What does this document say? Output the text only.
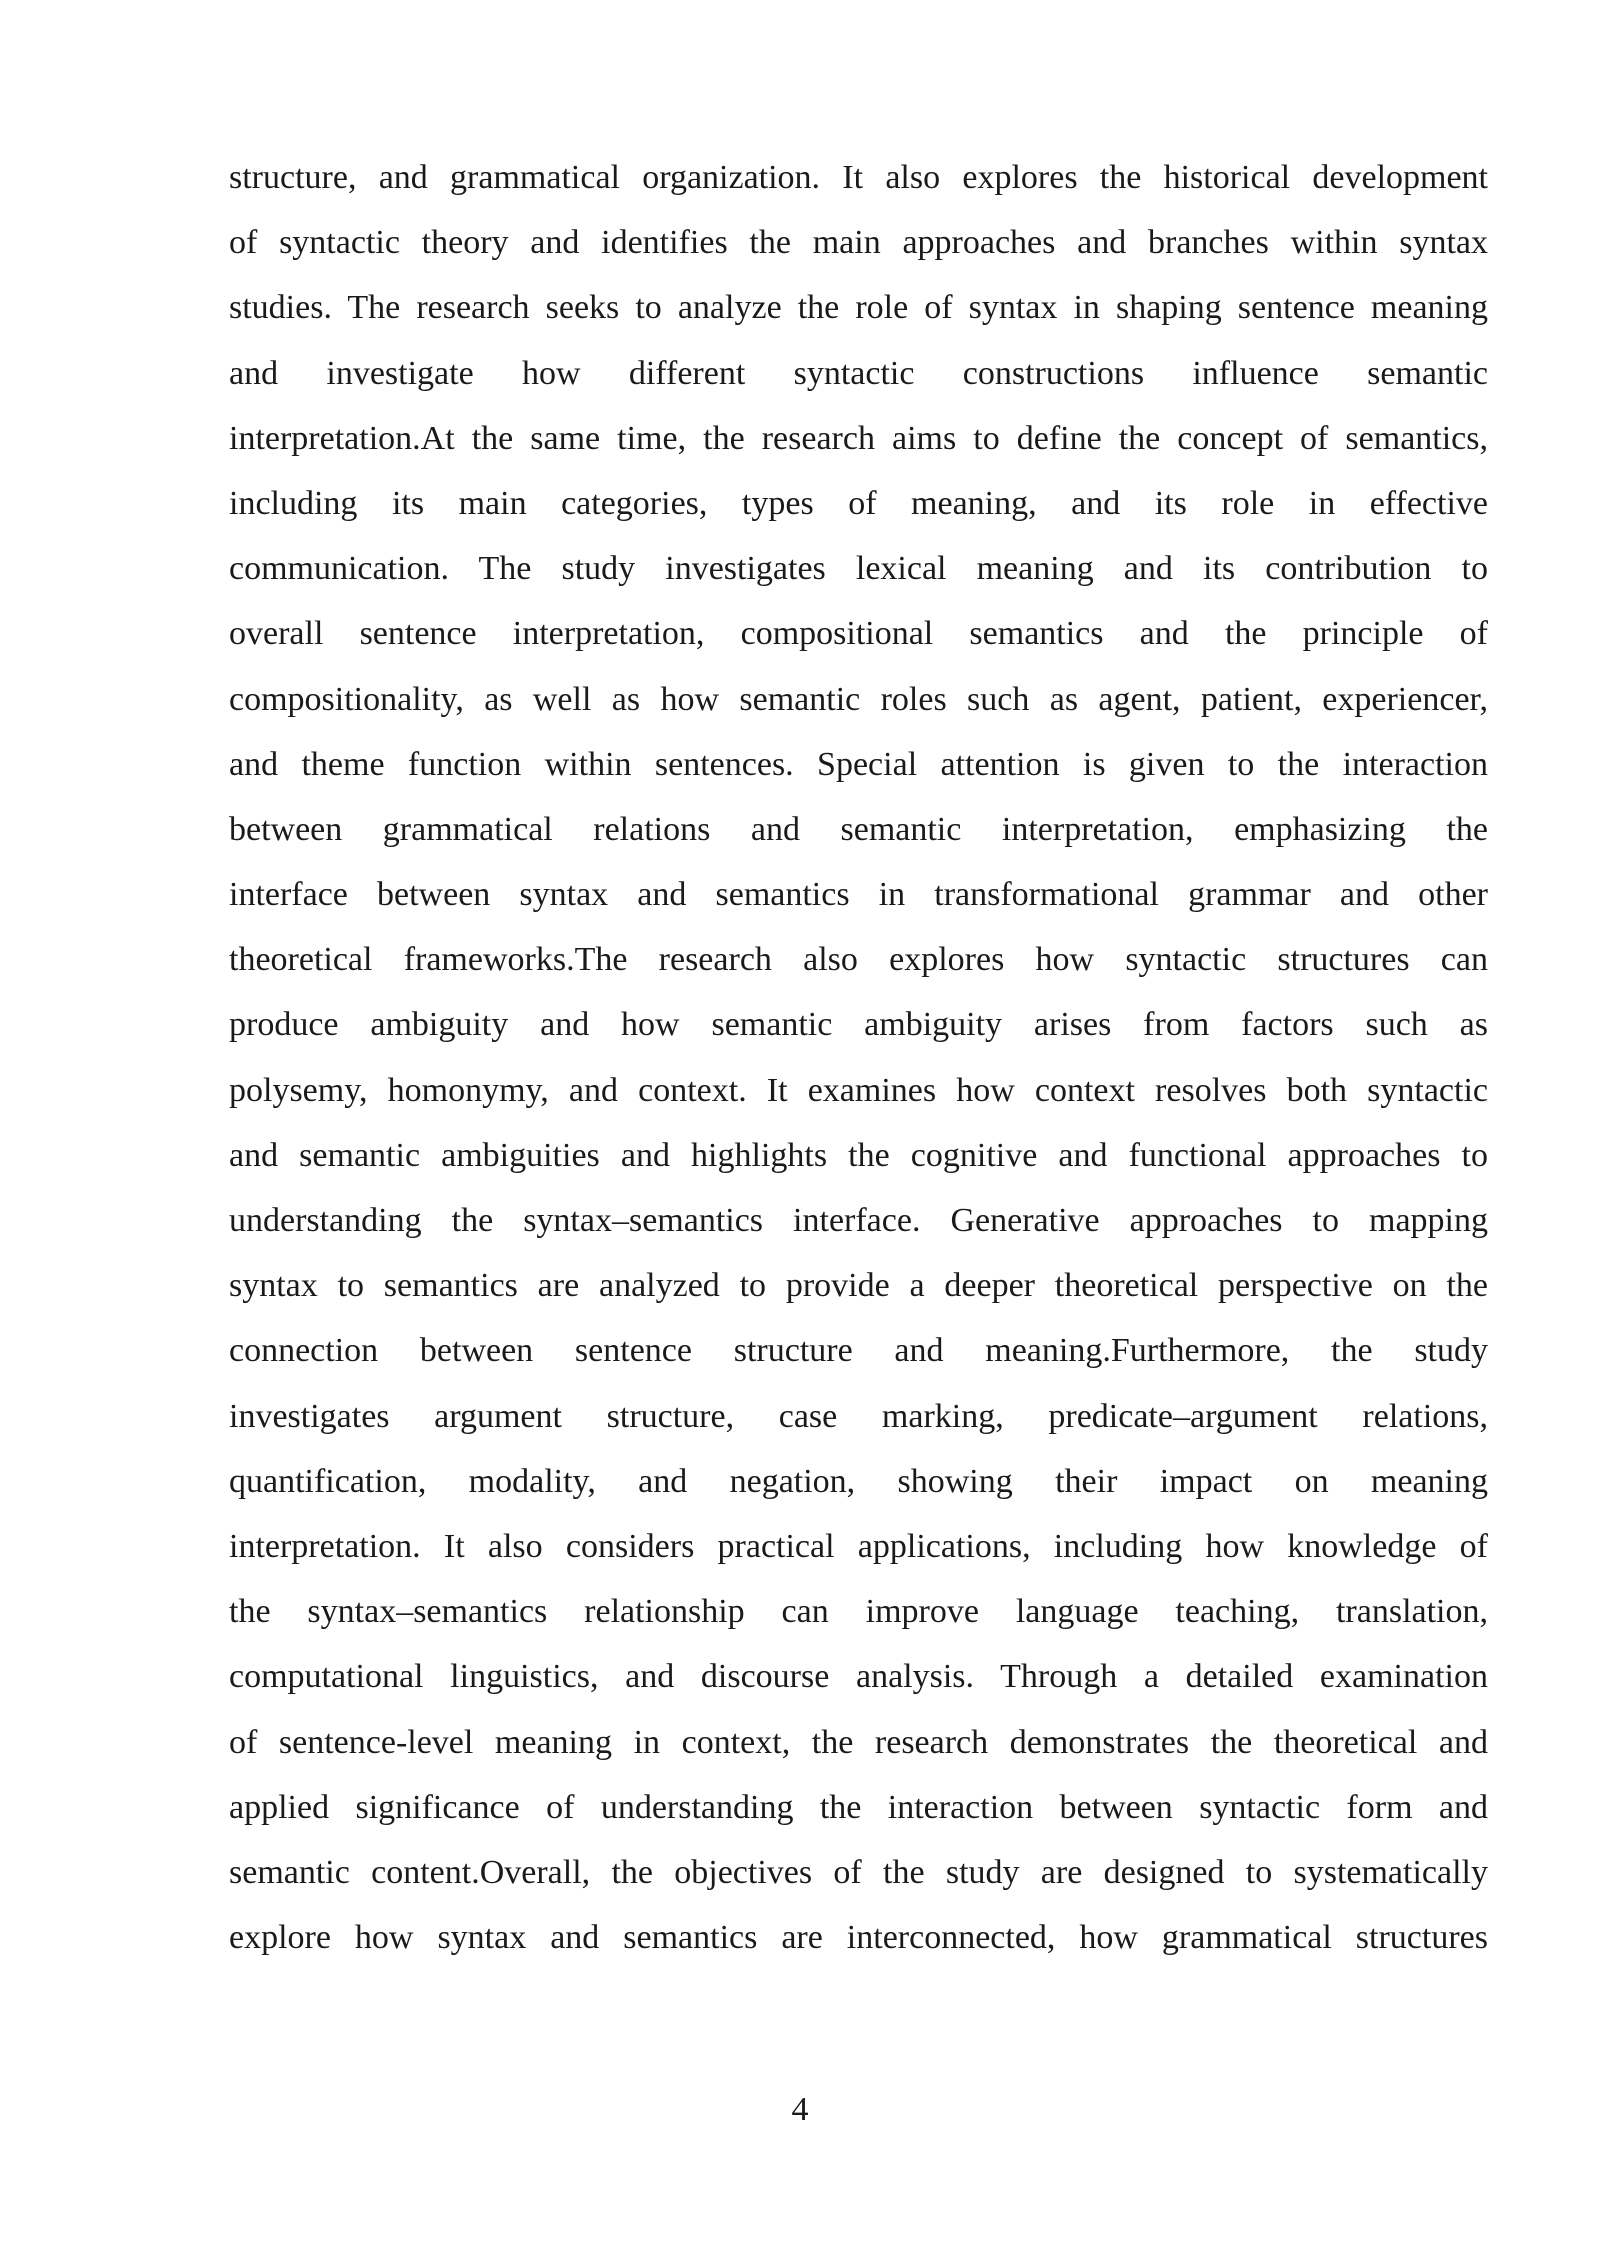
structure, and grammatical organization. It also explores the historical development
of syntactic theory and identifies the main approaches and branches within syntax
studies. The research seeks to analyze the role of syntax in shaping sentence meaning
and investigate how different syntactic constructions influence semantic
interpretation.At the same time, the research aims to define the concept of semantics,
including its main categories, types of meaning, and its role in effective
communication. The study investigates lexical meaning and its contribution to
overall sentence interpretation, compositional semantics and the principle of
compositionality, as well as how semantic roles such as agent, patient, experiencer,
and theme function within sentences. Special attention is given to the interaction
between grammatical relations and semantic interpretation, emphasizing the
interface between syntax and semantics in transformational grammar and other
theoretical frameworks.The research also explores how syntactic structures can
produce ambiguity and how semantic ambiguity arises from factors such as
polysemy, homonymy, and context. It examines how context resolves both syntactic
and semantic ambiguities and highlights the cognitive and functional approaches to
understanding the syntax–semantics interface. Generative approaches to mapping
syntax to semantics are analyzed to provide a deeper theoretical perspective on the
connection between sentence structure and meaning.Furthermore, the study
investigates argument structure, case marking, predicate–argument relations,
quantification, modality, and negation, showing their impact on meaning
interpretation. It also considers practical applications, including how knowledge of
the syntax–semantics relationship can improve language teaching, translation,
computational linguistics, and discourse analysis. Through a detailed examination
of sentence-level meaning in context, the research demonstrates the theoretical and
applied significance of understanding the interaction between syntactic form and
semantic content.Overall, the objectives of the study are designed to systematically
explore how syntax and semantics are interconnected, how grammatical structures
4
